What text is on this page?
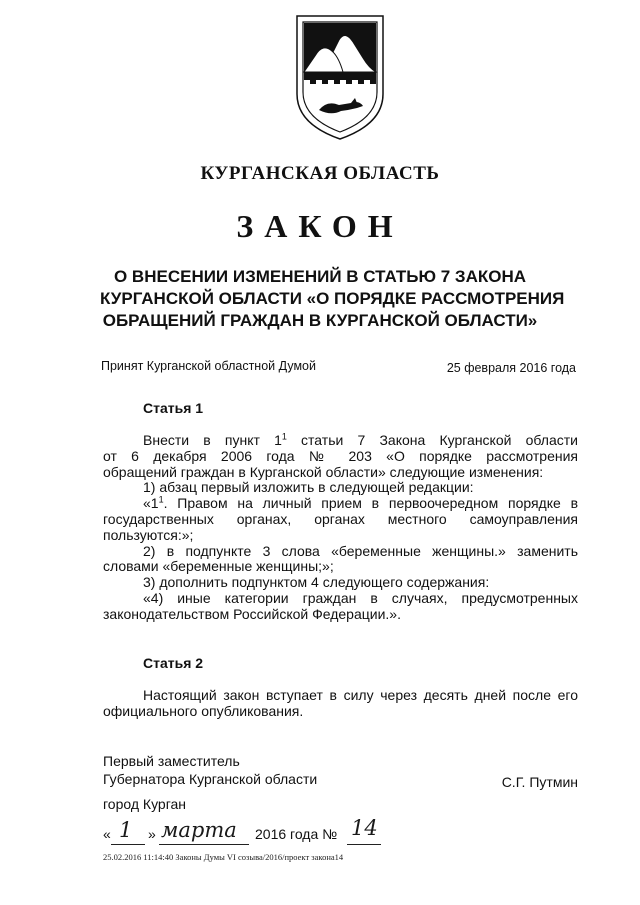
КУРГАНСКАЯ ОБЛАСТЬ
ЗАКОН
О ВНЕСЕНИИ ИЗМЕНЕНИЙ В СТАТЬЮ 7 ЗАКОНА
КУРГАНСКОЙ ОБЛАСТИ «О ПОРЯДКЕ РАССМОТРЕНИЯ
ОБРАЩЕНИЙ ГРАЖДАН В КУРГАНСКОЙ ОБЛАСТИ»
Принят Курганской областной Думой	25 февраля 2016 года
Статья 1
Внести в пункт $1^1$ статьи 7 Закона Курганской области
от 6 декабря 2006 года № 203 «О порядке рассмотрения
обращений граждан в Курганской области» следующие изменения:
1) абзац первый изложить в следующей редакции:
«$1^1$. Правом на личный прием в первоочередном порядке в
государственных органах, органах местного самоуправления
пользуются:»;
2) в подпункте 3 слова «беременные женщины.» заменить
словами «беременные женщины;»;
3) дополнить подпунктом 4 следующего содержания:
«4) иные категории граждан в случаях, предусмотренных
законодательством Российской Федерации.».
Статья 2
Настоящий закон вступает в силу через десять дней после его
официального опубликования.
Первый заместитель
Губернатора Курганской области	С.Г. Путмин
город Курган
« 1 » марта 2016 года № 14
25.02.2016 11:14:40 Законы Думы VI созыва/2016/проект закона14
